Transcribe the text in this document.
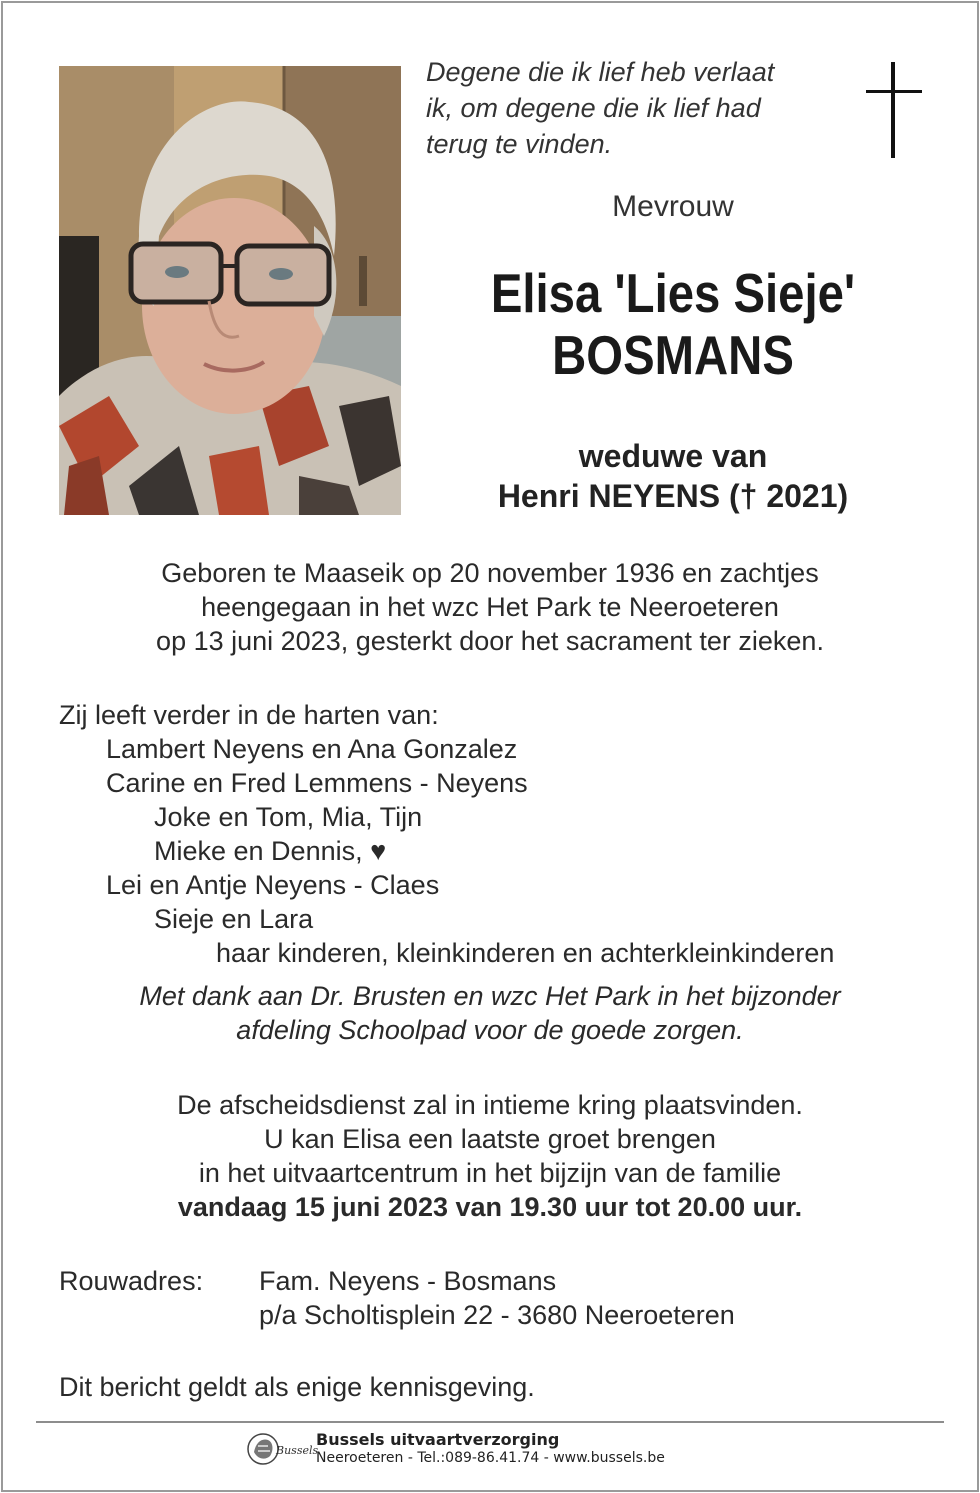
Degene die ik lief heb verlaat
ik, om degene die ik lief had
terug te vinden.
Mevrouw
Elisa 'Lies Sieje'
BOSMANS
weduwe van
Henri NEYENS († 2021)
Geboren te Maaseik op 20 november 1936 en zachtjes
heengegaan in het wzc Het Park te Neeroeteren
op 13 juni 2023, gesterkt door het sacrament ter zieken.
Zij leeft verder in de harten van:
Lambert Neyens en Ana Gonzalez
Carine en Fred Lemmens - Neyens
Joke en Tom, Mia, Tijn
Mieke en Dennis, ♥
Lei en Antje Neyens - Claes
Sieje en Lara
haar kinderen, kleinkinderen en achterkleinkinderen
Met dank aan Dr. Brusten en wzc Het Park in het bijzonder
afdeling Schoolpad voor de goede zorgen.
De afscheidsdienst zal in intieme kring plaatsvinden.
U kan Elisa een laatste groet brengen
in het uitvaartcentrum in het bijzijn van de familie
vandaag 15 juni 2023 van 19.30 uur tot 20.00 uur.
Rouwadres: Fam. Neyens - Bosmans
p/a Scholtisplein 22 - 3680 Neeroeteren
Dit bericht geldt als enige kennisgeving.
Bussels
Bussels uitvaartverzorging
Neeroeteren - Tel.:089-86.41.74 - www.bussels.be
